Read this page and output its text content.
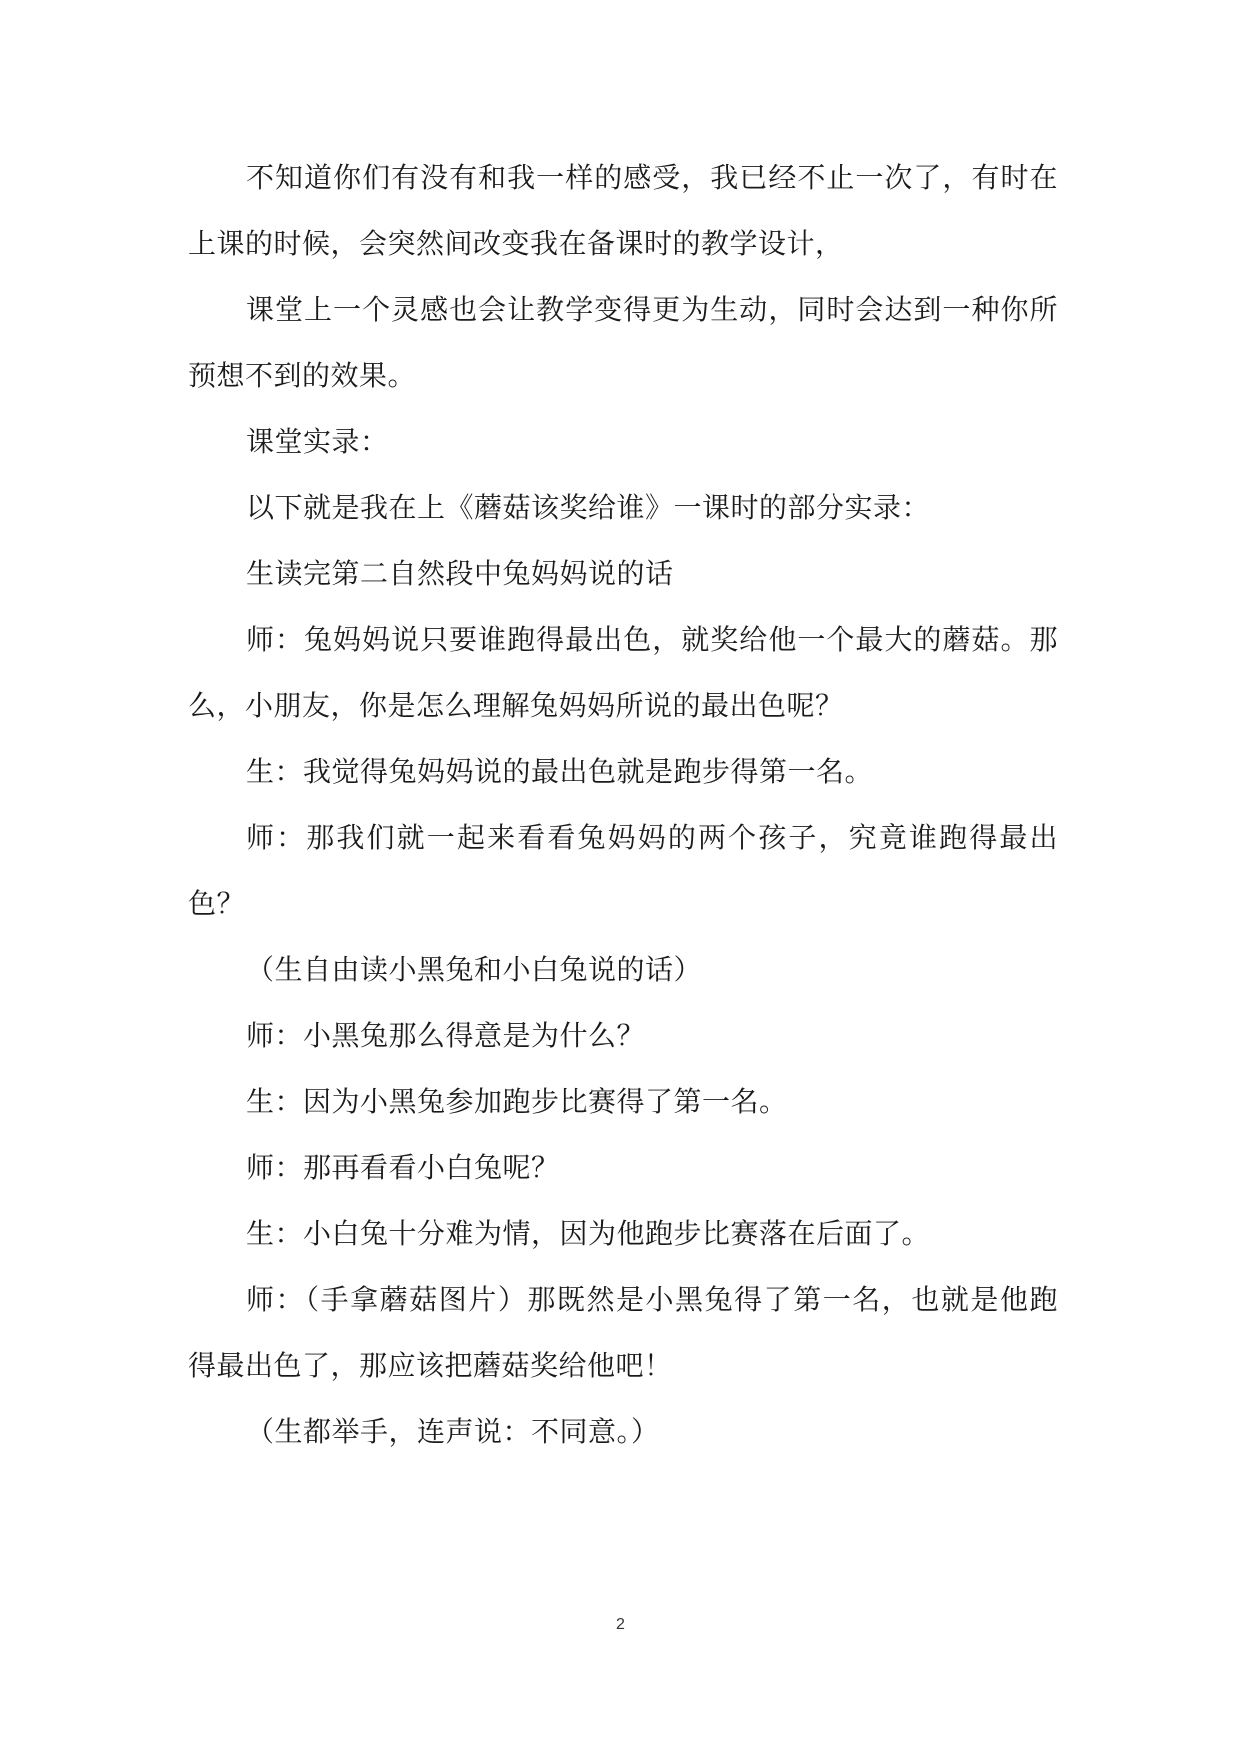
不知道你们有没有和我一样的感受，我已经不止一次了，有时在上课的时候，会突然间改变我在备课时的教学设计，

课堂上一个灵感也会让教学变得更为生动，同时会达到一种你所预想不到的效果。

课堂实录：

以下就是我在上《蘑菇该奖给谁》一课时的部分实录：

生读完第二自然段中兔妈妈说的话

师：兔妈妈说只要谁跑得最出色，就奖给他一个最大的蘑菇。那么，小朋友，你是怎么理解兔妈妈所说的最出色呢？

生：我觉得兔妈妈说的最出色就是跑步得第一名。

师：那我们就一起来看看兔妈妈的两个孩子，究竟谁跑得最出色？

（生自由读小黑兔和小白兔说的话）

师：小黑兔那么得意是为什么？

生：因为小黑兔参加跑步比赛得了第一名。

师：那再看看小白兔呢？

生：小白兔十分难为情，因为他跑步比赛落在后面了。

师：（手拿蘑菇图片）那既然是小黑兔得了第一名，也就是他跑得最出色了，那应该把蘑菇奖给他吧！

（生都举手，连声说：不同意。）

2
